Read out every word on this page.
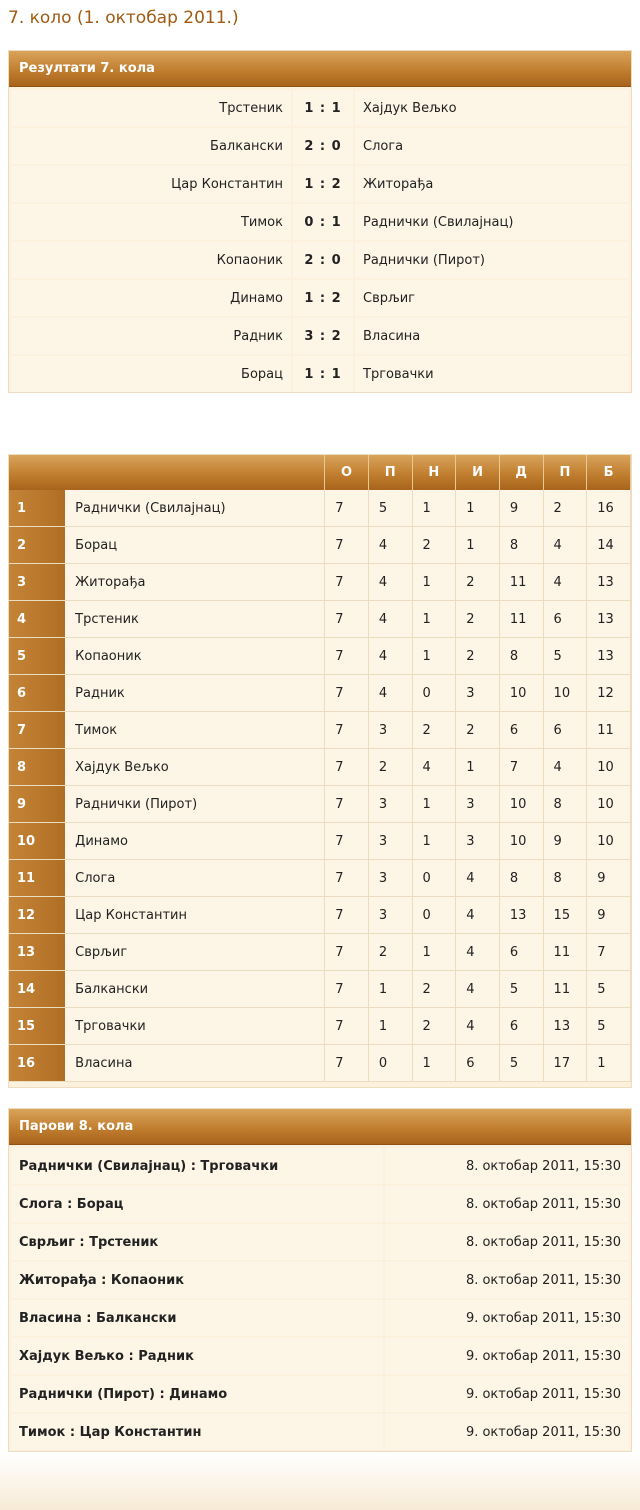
7. коло (1. октобар 2011.)
Резултати 7. кола
Трстеник	1 : 1	Хајдук Вељко
Балкански	2 : 0	Слога
Цар Константин	1 : 2	Житорађа
Тимок	0 : 1	Раднички (Свилајнац)
Копаоник	2 : 0	Раднички (Пирот)
Динамо	1 : 2	Сврљиг
Радник	3 : 2	Власина
Борац	1 : 1	Трговачки
		О	П	Н	И	Д	П	Б
1	Раднички (Свилајнац)	7	5	1	1	9	2	16
2	Борац	7	4	2	1	8	4	14
3	Житорађа	7	4	1	2	11	4	13
4	Трстеник	7	4	1	2	11	6	13
5	Копаоник	7	4	1	2	8	5	13
6	Радник	7	4	0	3	10	10	12
7	Тимок	7	3	2	2	6	6	11
8	Хајдук Вељко	7	2	4	1	7	4	10
9	Раднички (Пирот)	7	3	1	3	10	8	10
10	Динамо	7	3	1	3	10	9	10
11	Слога	7	3	0	4	8	8	9
12	Цар Константин	7	3	0	4	13	15	9
13	Сврљиг	7	2	1	4	6	11	7
14	Балкански	7	1	2	4	5	11	5
15	Трговачки	7	1	2	4	6	13	5
16	Власина	7	0	1	6	5	17	1
Парови 8. кола
Раднички (Свилајнац) : Трговачки	8. октобар 2011, 15:30
Слога : Борац	8. октобар 2011, 15:30
Сврљиг : Трстеник	8. октобар 2011, 15:30
Житорађа : Копаоник	8. октобар 2011, 15:30
Власина : Балкански	9. октобар 2011, 15:30
Хајдук Вељко : Радник	9. октобар 2011, 15:30
Раднички (Пирот) : Динамо	9. октобар 2011, 15:30
Тимок : Цар Константин	9. октобар 2011, 15:30
